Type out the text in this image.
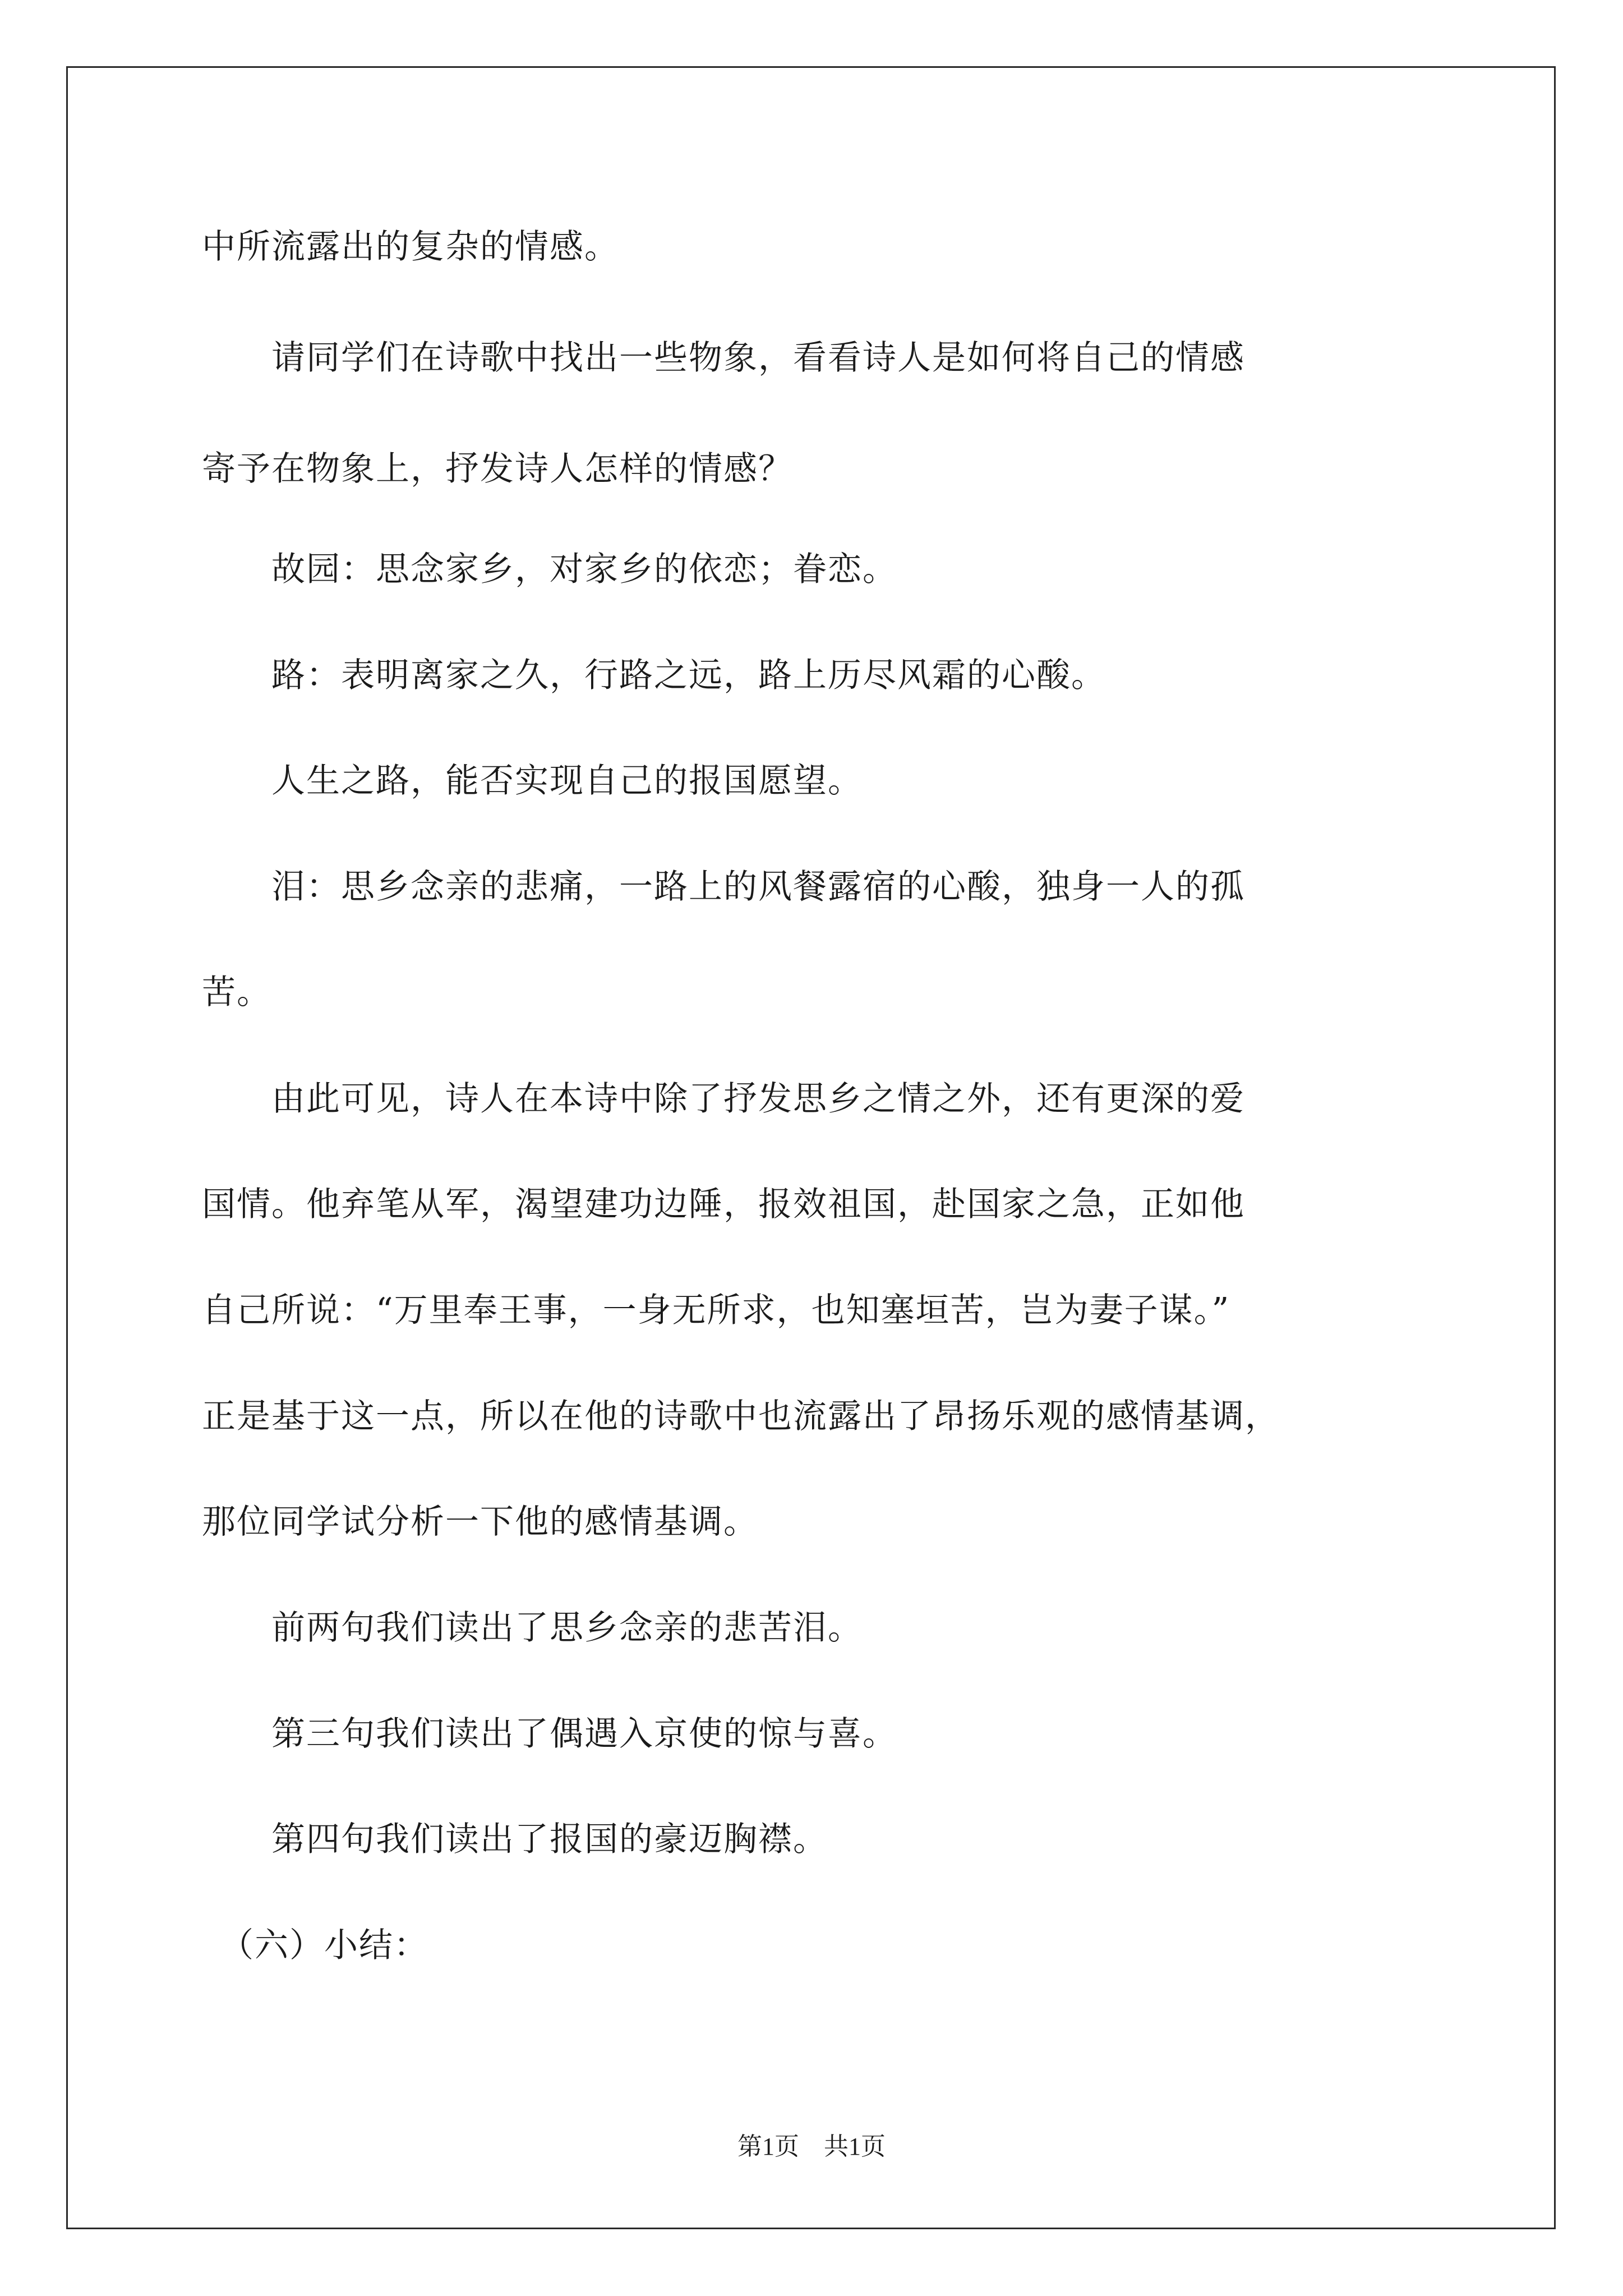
中所流露出的复杂的情感。

　　请同学们在诗歌中找出一些物象，看看诗人是如何将自己的情感

寄予在物象上，抒发诗人怎样的情感？

　　故园：思念家乡，对家乡的依恋；眷恋。

　　路：表明离家之久，行路之远，路上历尽风霜的心酸。

　　人生之路，能否实现自己的报国愿望。

　　泪：思乡念亲的悲痛，一路上的风餐露宿的心酸，独身一人的孤

苦。

　　由此可见，诗人在本诗中除了抒发思乡之情之外，还有更深的爱

国情。他弃笔从军，渴望建功边陲，报效祖国，赴国家之急，正如他

自己所说：“万里奉王事，一身无所求，也知塞垣苦，岂为妻子谋。”

正是基于这一点，所以在他的诗歌中也流露出了昂扬乐观的感情基调，

那位同学试分析一下他的感情基调。

　　前两句我们读出了思乡念亲的悲苦泪。

　　第三句我们读出了偶遇入京使的惊与喜。

　　第四句我们读出了报国的豪迈胸襟。

　（六）小结：

第1页　共1页
